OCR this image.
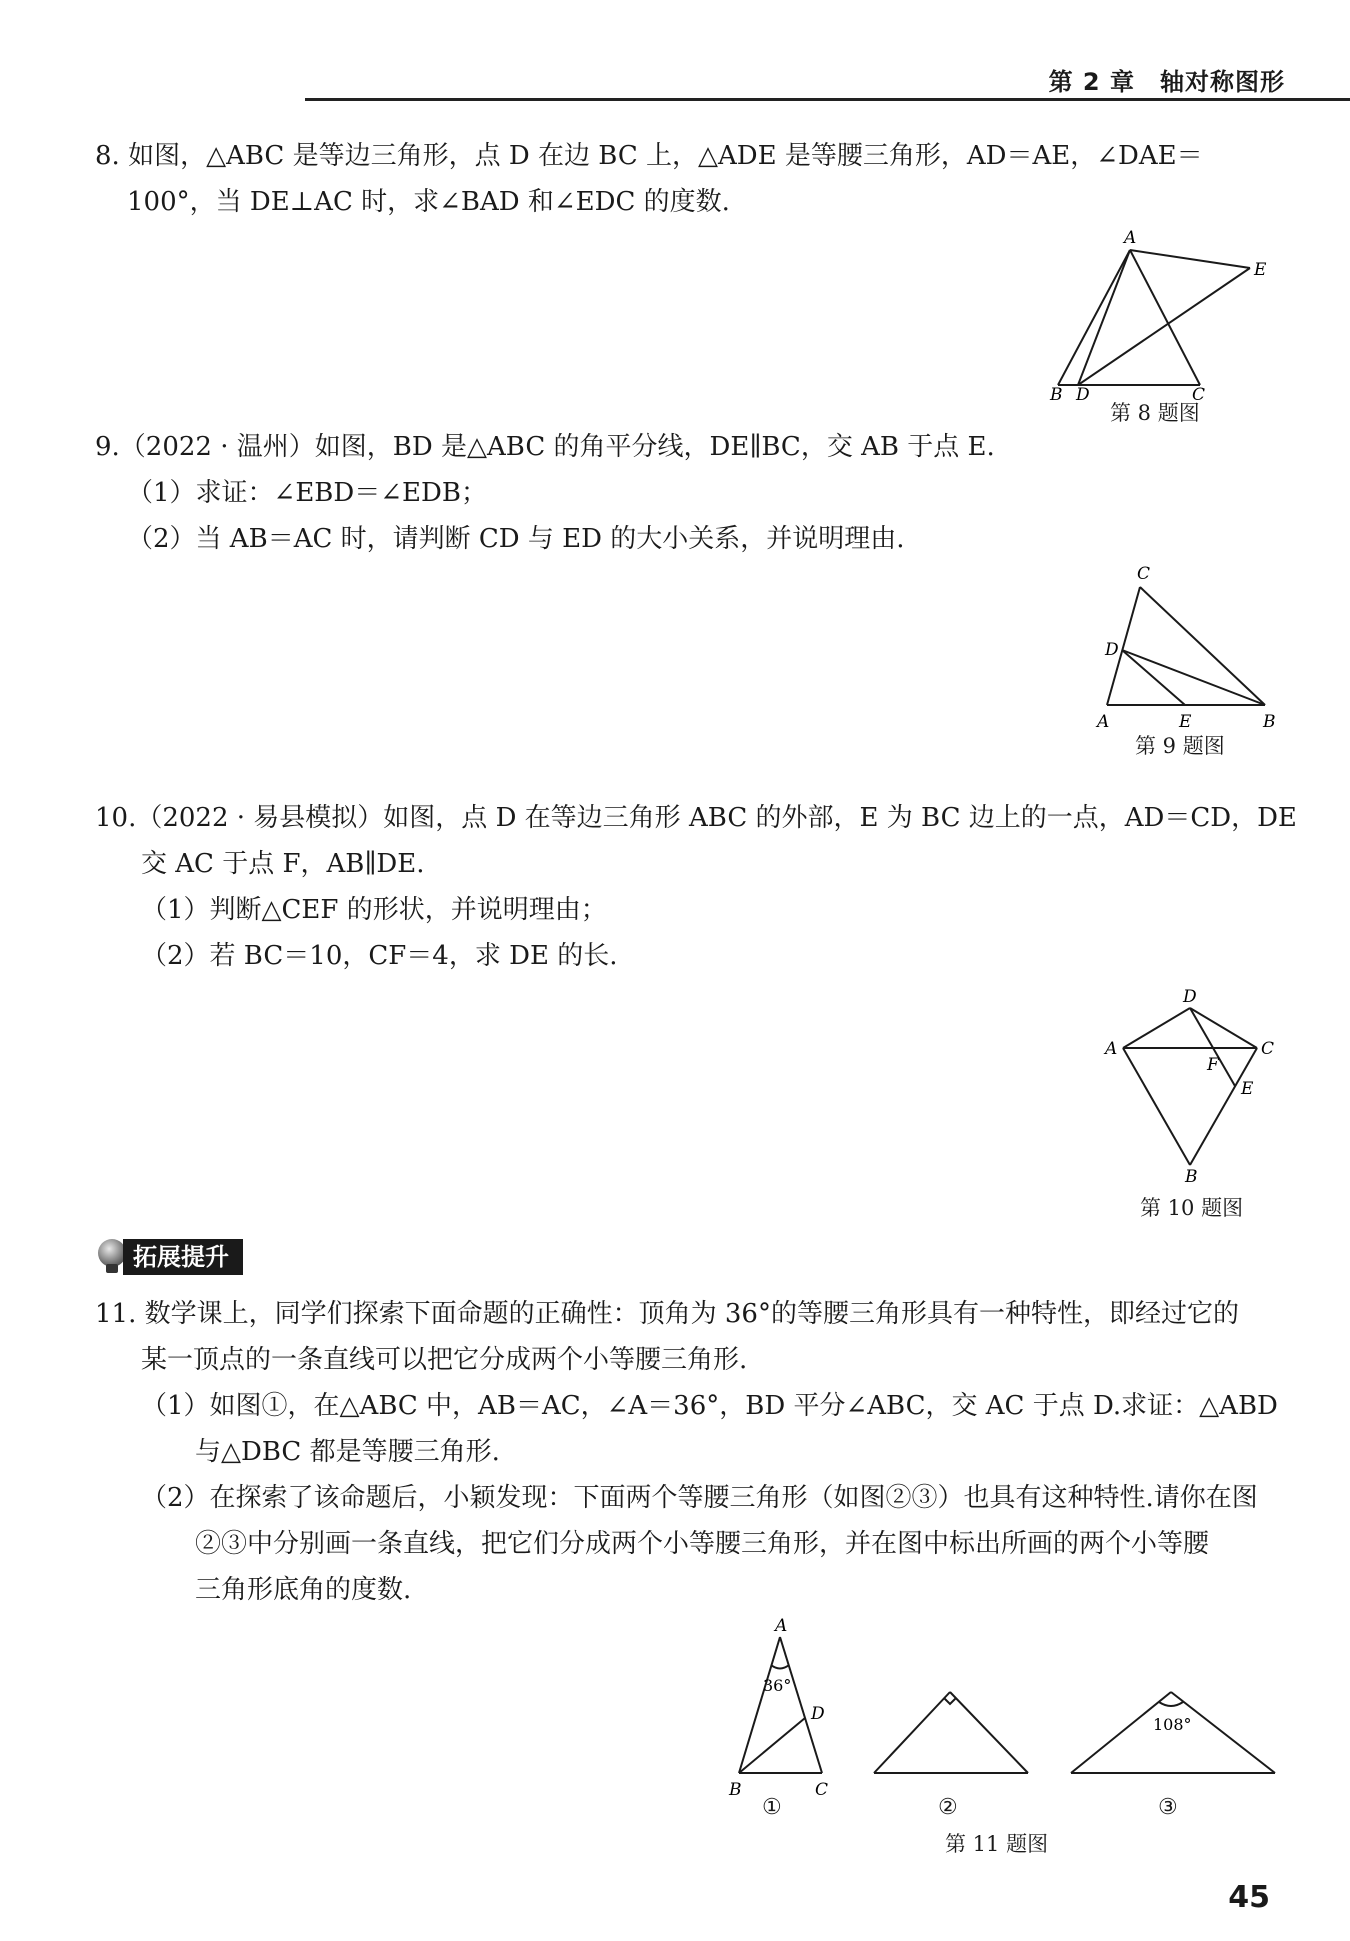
第 2 章　轴对称图形
8. 如图，△ABC 是等边三角形，点 D 在边 BC 上，△ADE 是等腰三角形，AD＝AE，∠DAE＝
100°，当 DE⊥AC 时，求∠BAD 和∠EDC 的度数.
A
B D	C
E
第 8 题图
9.（2022 · 温州）如图，BD 是△ABC 的角平分线，DE∥BC，交 AB 于点 E.
（1）求证：∠EBD＝∠EDB；
（2）当 AB＝AC 时，请判断 CD 与 ED 的大小关系，并说明理由.
C
D
A	E	B
第 9 题图
10.（2022 · 易县模拟）如图，点 D 在等边三角形 ABC 的外部，E 为 BC 边上的一点，AD＝CD，DE
交 AC 于点 F，AB∥DE.
（1）判断△CEF 的形状，并说明理由；
（2）若 BC＝10，CF＝4，求 DE 的长.
D
A	C
F
E
B
第 10 题图
拓展提升
11. 数学课上，同学们探索下面命题的正确性：顶角为 36°的等腰三角形具有一种特性，即经过它的
某一顶点的一条直线可以把它分成两个小等腰三角形.
（1）如图①，在△ABC 中，AB＝AC，∠A＝36°，BD 平分∠ABC，交 AC 于点 D.求证：△ABD
与△DBC 都是等腰三角形.
（2）在探索了该命题后，小颖发现：下面两个等腰三角形（如图②③）也具有这种特性.请你在图
②③中分别画一条直线，把它们分成两个小等腰三角形，并在图中标出所画的两个小等腰
三角形底角的度数.
A
36°
D
B	C
①	②
108°
③
第 11 题图
45
